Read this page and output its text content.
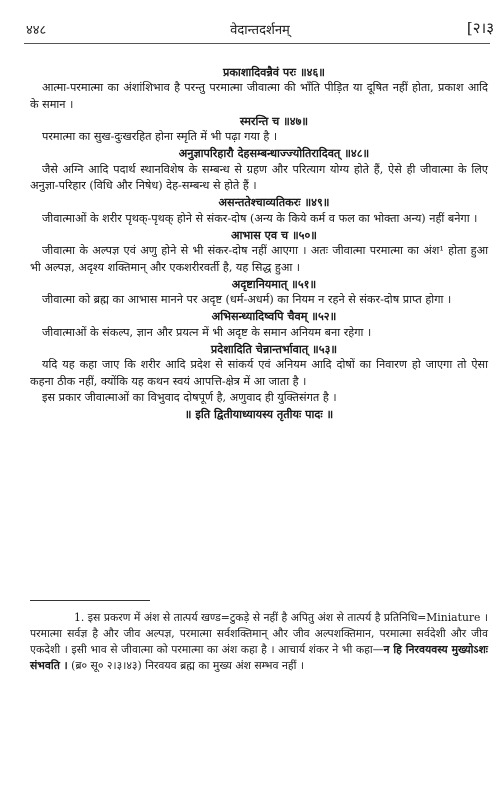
४४८	वेदान्तदर्शनम्	[२।३

प्रकाशादिवन्नैवं परः ॥४६॥

आत्मा-परमात्मा का अंशांशिभाव है परन्तु परमात्मा जीवात्मा की भाँति पीड़ित या दूषित नहीं होता, प्रकाश आदि के समान ।

स्मरन्ति च ॥४७॥

परमात्मा का सुख-दुःखरहित होना स्मृति में भी पढ़ा गया है ।

अनुज्ञापरिहारौ देहसम्बन्धाज्ज्योतिरादिवत् ॥४८॥

जैसे अग्नि आदि पदार्थ स्थानविशेष के सम्बन्ध से ग्रहण और परित्याग योग्य होते हैं, ऐसे ही जीवात्मा के लिए अनुज्ञा-परिहार (विधि और निषेध) देह-सम्बन्ध से होते हैं ।

असन्ततेश्चाव्यतिकरः ॥४९॥

जीवात्माओं के शरीर पृथक्-पृथक् होने से संकर-दोष (अन्य के किये कर्म व फल का भोक्ता अन्य) नहीं बनेगा ।

आभास एव च ॥५०॥

जीवात्मा के अल्पज्ञ एवं अणु होने से भी संकर-दोष नहीं आएगा । अतः जीवात्मा परमात्मा का अंश¹ होता हुआ भी अल्पज्ञ, अदृश्य शक्तिमान् और एकशरीरवर्ती है, यह सिद्ध हुआ ।

अदृष्टानियमात् ॥५१॥

जीवात्मा को ब्रह्म का आभास मानने पर अदृष्ट (धर्म-अधर्म) का नियम न रहने से संकर-दोष प्राप्त होगा ।

अभिसन्ध्यादिष्वपि चैवम् ॥५२॥

जीवात्माओं के संकल्प, ज्ञान और प्रयत्न में भी अदृष्ट के समान अनियम बना रहेगा ।

प्रदेशादिति चेन्नान्तर्भावात् ॥५३॥

यदि यह कहा जाए कि शरीर आदि प्रदेश से सांकर्य एवं अनियम आदि दोषों का निवारण हो जाएगा तो ऐसा कहना ठीक नहीं, क्योंकि यह कथन स्वयं आपत्ति-क्षेत्र में आ जाता है ।

इस प्रकार जीवात्माओं का विभुवाद दोषपूर्ण है, अणुवाद ही युक्तिसंगत है ।

॥ इति द्वितीयाध्यायस्य तृतीयः पादः ॥

1. इस प्रकरण में अंश से तात्पर्य खण्ड=टुकड़े से नहीं है अपितु अंश से तात्पर्य है प्रतिनिधि=Miniature । परमात्मा सर्वज्ञ है और जीव अल्पज्ञ, परमात्मा सर्वशक्तिमान् और जीव अल्पशक्तिमान, परमात्मा सर्वदेशी और जीव एकदेशी । इसी भाव से जीवात्मा को परमात्मा का अंश कहा है । आचार्य शंकर ने भी कहा—न हि निरवयवस्य मुख्योऽशः संभवति । (ब्र० सू० २।३।४३) निरवयव ब्रह्म का मुख्य अंश सम्भव नहीं ।
